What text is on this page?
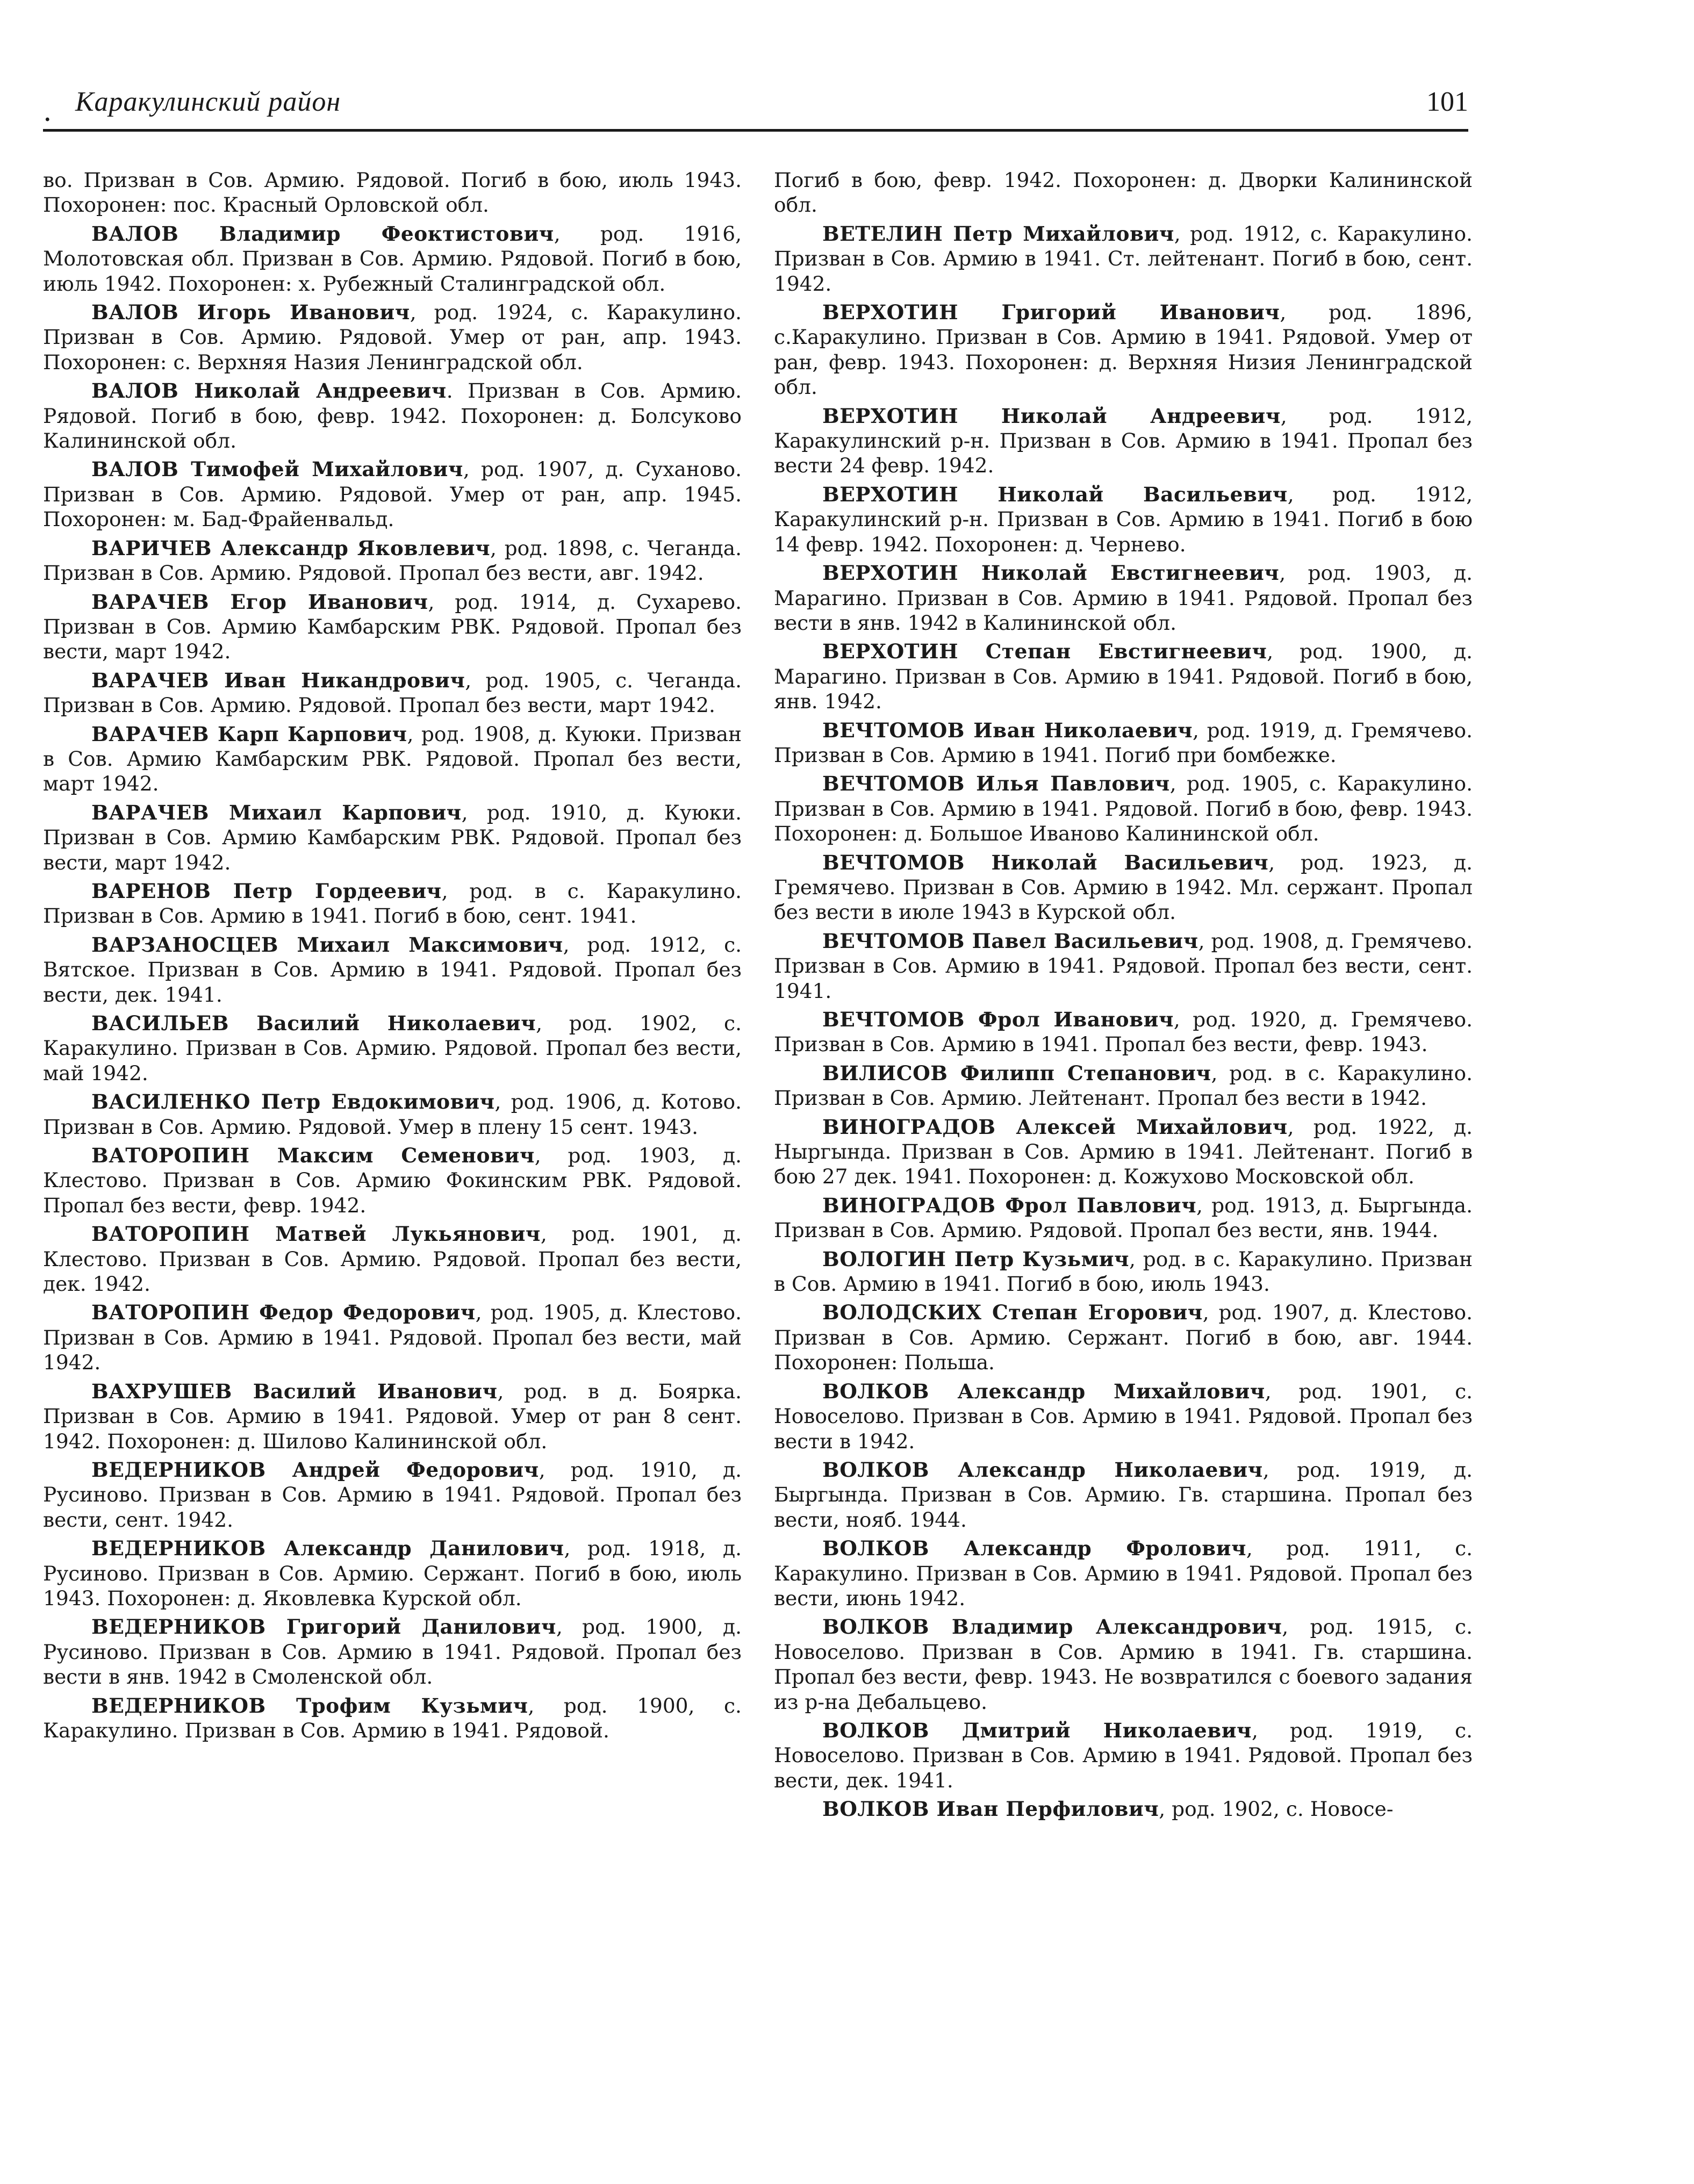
. Каракулинский район	101

во. Призван в Сов. Армию. Рядовой. Погиб в бою, июль 1943. Похоронен: пос. Красный Орловской обл.

ВАЛОВ Владимир Феоктистович, род. 1916, Молотовская обл. Призван в Сов. Армию. Рядовой. Погиб в бою, июль 1942. Похоронен: х. Рубежный Сталинградской обл.

ВАЛОВ Игорь Иванович, род. 1924, с. Каракулино. Призван в Сов. Армию. Рядовой. Умер от ран, апр. 1943. Похоронен: с. Верхняя Назия Ленинградской обл.

ВАЛОВ Николай Андреевич. Призван в Сов. Армию. Рядовой. Погиб в бою, февр. 1942. Похоронен: д. Болсуково Калининской обл.

ВАЛОВ Тимофей Михайлович, род. 1907, д. Суханово. Призван в Сов. Армию. Рядовой. Умер от ран, апр. 1945. Похоронен: м. Бад-Фрайенвальд.

ВАРИЧЕВ Александр Яковлевич, род. 1898, с. Чеганда. Призван в Сов. Армию. Рядовой. Пропал без вести, авг. 1942.

ВАРАЧЕВ Егор Иванович, род. 1914, д. Сухарево. Призван в Сов. Армию Камбарским РВК. Рядовой. Пропал без вести, март 1942.

ВАРАЧЕВ Иван Никандрович, род. 1905, с. Чеганда. Призван в Сов. Армию. Рядовой. Пропал без вести, март 1942.

ВАРАЧЕВ Карп Карпович, род. 1908, д. Куюки. Призван в Сов. Армию Камбарским РВК. Рядовой. Пропал без вести, март 1942.

ВАРАЧЕВ Михаил Карпович, род. 1910, д. Куюки. Призван в Сов. Армию Камбарским РВК. Рядовой. Пропал без вести, март 1942.

ВАРЕНОВ Петр Гордеевич, род. в с. Каракулино. Призван в Сов. Армию в 1941. Погиб в бою, сент. 1941.

ВАРЗАНОСЦЕВ Михаил Максимович, род. 1912, с. Вятское. Призван в Сов. Армию в 1941. Рядовой. Пропал без вести, дек. 1941.

ВАСИЛЬЕВ Василий Николаевич, род. 1902, с. Каракулино. Призван в Сов. Армию. Рядовой. Пропал без вести, май 1942.

ВАСИЛЕНКО Петр Евдокимович, род. 1906, д. Котово. Призван в Сов. Армию. Рядовой. Умер в плену 15 сент. 1943.

ВАТОРОПИН Максим Семенович, род. 1903, д. Клестово. Призван в Сов. Армию Фокинским РВК. Рядовой. Пропал без вести, февр. 1942.

ВАТОРОПИН Матвей Лукьянович, род. 1901, д. Клестово. Призван в Сов. Армию. Рядовой. Пропал без вести, дек. 1942.

ВАТОРОПИН Федор Федорович, род. 1905, д. Клестово. Призван в Сов. Армию в 1941. Рядовой. Пропал без вести, май 1942.

ВАХРУШЕВ Василий Иванович, род. в д. Боярка. Призван в Сов. Армию в 1941. Рядовой. Умер от ран 8 сент. 1942. Похоронен: д. Шилово Калининской обл.

ВЕДЕРНИКОВ Андрей Федорович, род. 1910, д. Русиново. Призван в Сов. Армию в 1941. Рядовой. Пропал без вести, сент. 1942.

ВЕДЕРНИКОВ Александр Данилович, род. 1918, д. Русиново. Призван в Сов. Армию. Сержант. Погиб в бою, июль 1943. Похоронен: д. Яковлевка Курской обл.

ВЕДЕРНИКОВ Григорий Данилович, род. 1900, д. Русиново. Призван в Сов. Армию в 1941. Рядовой. Пропал без вести в янв. 1942 в Смоленской обл.

ВЕДЕРНИКОВ Трофим Кузьмич, род. 1900, с. Каракулино. Призван в Сов. Армию в 1941. Рядовой.

Погиб в бою, февр. 1942. Похоронен: д. Дворки Калининской обл.

ВЕТЕЛИН Петр Михайлович, род. 1912, с. Каракулино. Призван в Сов. Армию в 1941. Ст. лейтенант. Погиб в бою, сент. 1942.

ВЕРХОТИН Григорий Иванович, род. 1896, с.Каракулино. Призван в Сов. Армию в 1941. Рядовой. Умер от ран, февр. 1943. Похоронен: д. Верхняя Низия Ленинградской обл.

ВЕРХОТИН Николай Андреевич, род. 1912, Каракулинский р-н. Призван в Сов. Армию в 1941. Пропал без вести 24 февр. 1942.

ВЕРХОТИН Николай Васильевич, род. 1912, Каракулинский р-н. Призван в Сов. Армию в 1941. Погиб в бою 14 февр. 1942. Похоронен: д. Чернево.

ВЕРХОТИН Николай Евстигнеевич, род. 1903, д. Марагино. Призван в Сов. Армию в 1941. Рядовой. Пропал без вести в янв. 1942 в Калининской обл.

ВЕРХОТИН Степан Евстигнеевич, род. 1900, д. Марагино. Призван в Сов. Армию в 1941. Рядовой. Погиб в бою, янв. 1942.

ВЕЧТОМОВ Иван Николаевич, род. 1919, д. Гремячево. Призван в Сов. Армию в 1941. Погиб при бомбежке.

ВЕЧТОМОВ Илья Павлович, род. 1905, с. Каракулино. Призван в Сов. Армию в 1941. Рядовой. Погиб в бою, февр. 1943. Похоронен: д. Большое Иваново Калининской обл.

ВЕЧТОМОВ Николай Васильевич, род. 1923, д. Гремячево. Призван в Сов. Армию в 1942. Мл. сержант. Пропал без вести в июле 1943 в Курской обл.

ВЕЧТОМОВ Павел Васильевич, род. 1908, д. Гремячево. Призван в Сов. Армию в 1941. Рядовой. Пропал без вести, сент. 1941.

ВЕЧТОМОВ Фрол Иванович, род. 1920, д. Гремячево. Призван в Сов. Армию в 1941. Пропал без вести, февр. 1943.

ВИЛИСОВ Филипп Степанович, род. в с. Каракулино. Призван в Сов. Армию. Лейтенант. Пропал без вести в 1942.

ВИНОГРАДОВ Алексей Михайлович, род. 1922, д. Ныргында. Призван в Сов. Армию в 1941. Лейтенант. Погиб в бою 27 дек. 1941. Похоронен: д. Кожухово Московской обл.

ВИНОГРАДОВ Фрол Павлович, род. 1913, д. Быргында. Призван в Сов. Армию. Рядовой. Пропал без вести, янв. 1944.

ВОЛОГИН Петр Кузьмич, род. в с. Каракулино. Призван в Сов. Армию в 1941. Погиб в бою, июль 1943.

ВОЛОДСКИХ Степан Егорович, род. 1907, д. Клестово. Призван в Сов. Армию. Сержант. Погиб в бою, авг. 1944. Похоронен: Польша.

ВОЛКОВ Александр Михайлович, род. 1901, с. Новоселово. Призван в Сов. Армию в 1941. Рядовой. Пропал без вести в 1942.

ВОЛКОВ Александр Николаевич, род. 1919, д. Быргында. Призван в Сов. Армию. Гв. старшина. Пропал без вести, нояб. 1944.

ВОЛКОВ Александр Фролович, род. 1911, с. Каракулино. Призван в Сов. Армию в 1941. Рядовой. Пропал без вести, июнь 1942.

ВОЛКОВ Владимир Александрович, род. 1915, с. Новоселово. Призван в Сов. Армию в 1941. Гв. старшина. Пропал без вести, февр. 1943. Не возвратился с боевого задания из р-на Дебальцево.

ВОЛКОВ Дмитрий Николаевич, род. 1919, с. Новоселово. Призван в Сов. Армию в 1941. Рядовой. Пропал без вести, дек. 1941.

ВОЛКОВ Иван Перфилович, род. 1902, с. Новосе-
